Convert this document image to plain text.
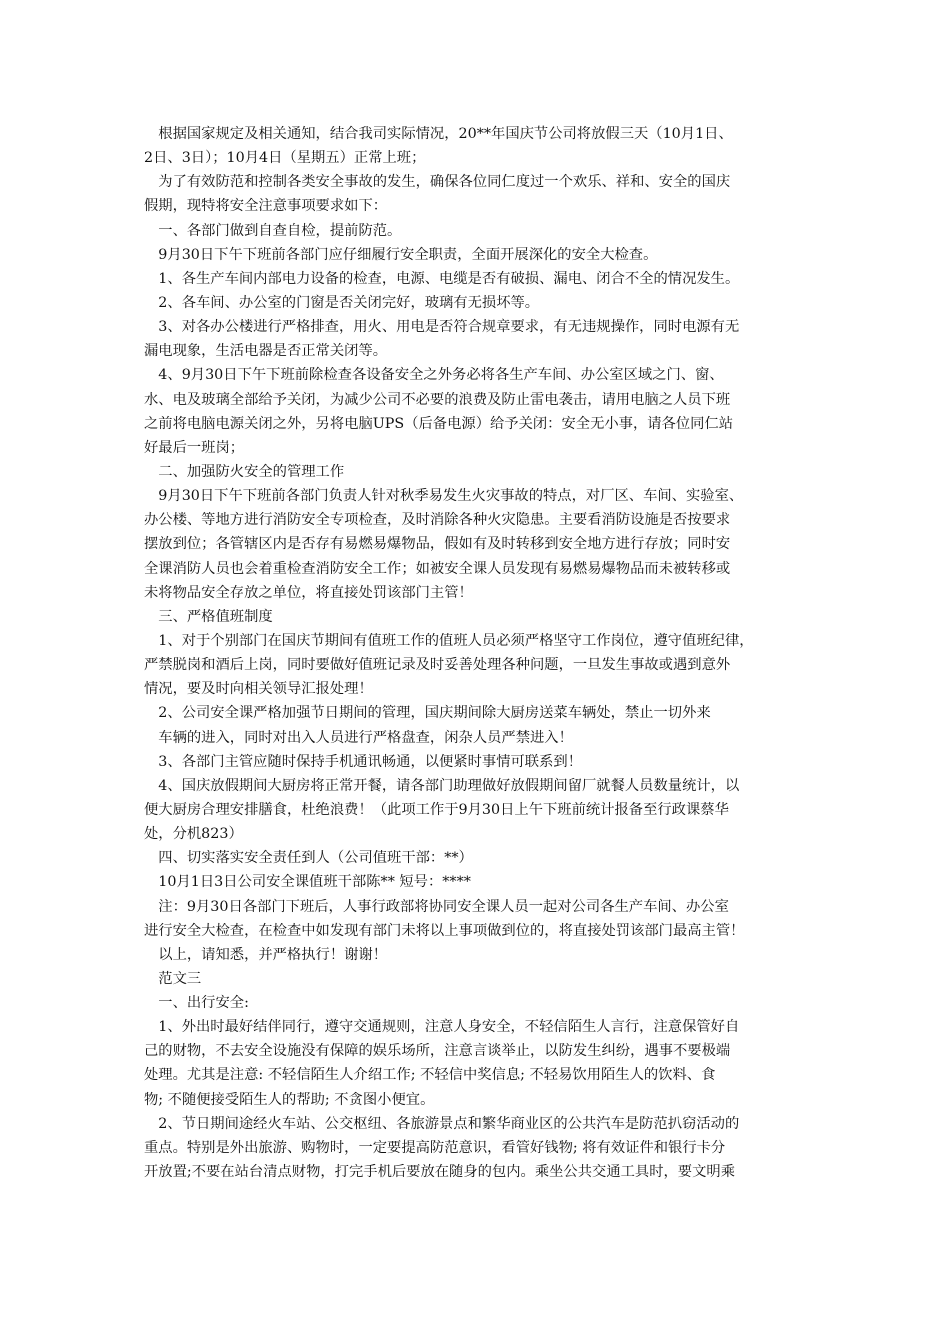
　根据国家规定及相关通知，结合我司实际情况，20**年国庆节公司将放假三天（10月1日、
2日、3日）；10月4日（星期五）正常上班；
　为了有效防范和控制各类安全事故的发生，确保各位同仁度过一个欢乐、祥和、安全的国庆
假期，现特将安全注意事项要求如下：
　一、各部门做到自查自检，提前防范。
　9月30日下午下班前各部门应仔细履行安全职责，全面开展深化的安全大检查。
　1、各生产车间内部电力设备的检查，电源、电缆是否有破损、漏电、闭合不全的情况发生。
　2、各车间、办公室的门窗是否关闭完好，玻璃有无损坏等。
　3、对各办公楼进行严格排查，用火、用电是否符合规章要求，有无违规操作，同时电源有无
漏电现象，生活电器是否正常关闭等。
　4、9月30日下午下班前除检查各设备安全之外务必将各生产车间、办公室区域之门、窗、
水、电及玻璃全部给予关闭，为减少公司不必要的浪费及防止雷电袭击，请用电脑之人员下班
之前将电脑电源关闭之外，另将电脑UPS（后备电源）给予关闭：安全无小事，请各位同仁站
好最后一班岗；
　二、加强防火安全的管理工作
　9月30日下午下班前各部门负责人针对秋季易发生火灾事故的特点，对厂区、车间、实验室、
办公楼、等地方进行消防安全专项检查，及时消除各种火灾隐患。主要看消防设施是否按要求
摆放到位；各管辖区内是否存有易燃易爆物品，假如有及时转移到安全地方进行存放；同时安
全课消防人员也会着重检查消防安全工作；如被安全课人员发现有易燃易爆物品而未被转移或
未将物品安全存放之单位，将直接处罚该部门主管！
　三、严格值班制度
　1、对于个别部门在国庆节期间有值班工作的值班人员必须严格坚守工作岗位，遵守值班纪律，
严禁脱岗和酒后上岗，同时要做好值班记录及时妥善处理各种问题，一旦发生事故或遇到意外
情况，要及时向相关领导汇报处理！
　2、公司安全课严格加强节日期间的管理，国庆期间除大厨房送菜车辆处，禁止一切外来
　车辆的进入，同时对出入人员进行严格盘查，闲杂人员严禁进入！
　3、各部门主管应随时保持手机通讯畅通，以便紧时事情可联系到！
　4、国庆放假期间大厨房将正常开餐，请各部门助理做好放假期间留厂就餐人员数量统计，以
便大厨房合理安排膳食，杜绝浪费！（此项工作于9月30日上午下班前统计报备至行政课蔡华
处，分机823）
　四、切实落实安全责任到人（公司值班干部：**）
　10月1日3日公司安全课值班干部陈** 短号：****
　注：9月30日各部门下班后，人事行政部将协同安全课人员一起对公司各生产车间、办公室
进行安全大检查，在检查中如发现有部门未将以上事项做到位的，将直接处罚该部门最高主管！
　以上，请知悉，并严格执行！谢谢！
　范文三
　一、出行安全:
　1、外出时最好结伴同行，遵守交通规则，注意人身安全，不轻信陌生人言行，注意保管好自
己的财物，不去安全设施没有保障的娱乐场所，注意言谈举止，以防发生纠纷，遇事不要极端
处理。尤其是注意: 不轻信陌生人介绍工作; 不轻信中奖信息; 不轻易饮用陌生人的饮料、食
物; 不随便接受陌生人的帮助; 不贪图小便宜。
　2、节日期间途经火车站、公交枢纽、各旅游景点和繁华商业区的公共汽车是防范扒窃活动的
重点。特别是外出旅游、购物时，一定要提高防范意识，看管好钱物; 将有效证件和银行卡分
开放置;不要在站台清点财物，打完手机后要放在随身的包内。乘坐公共交通工具时，要文明乘
